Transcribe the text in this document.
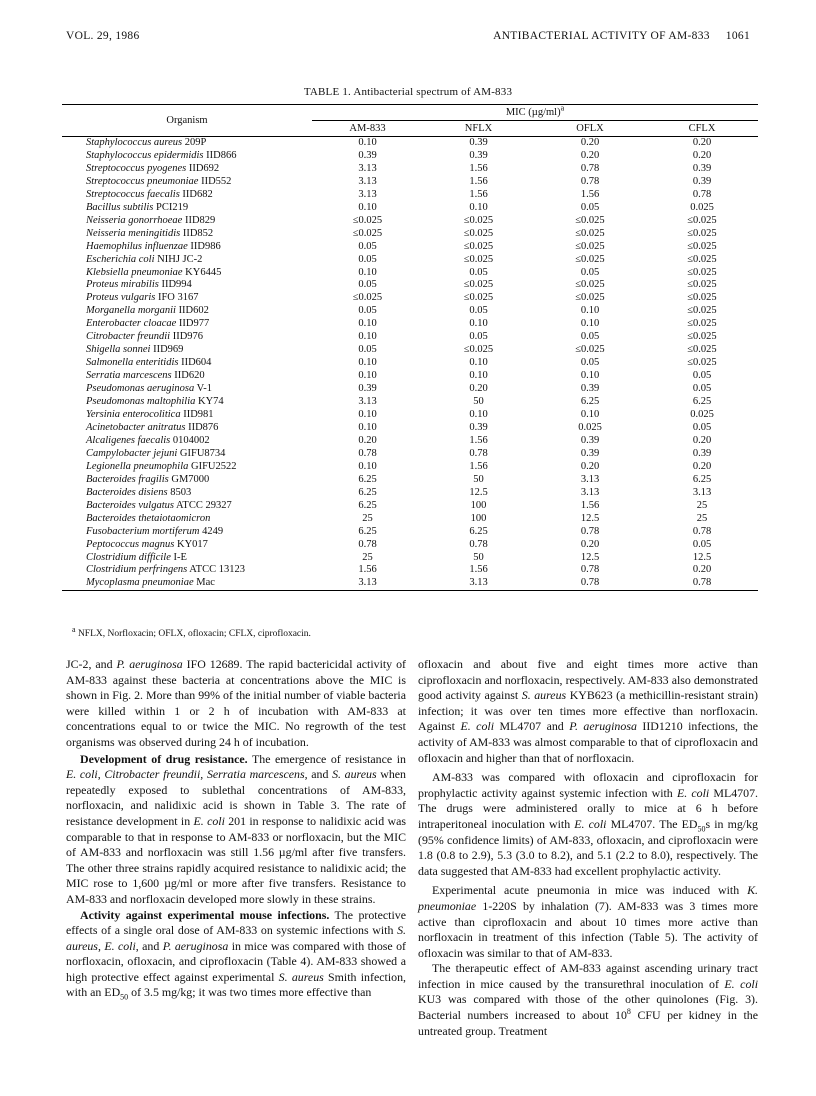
VOL. 29, 1986	ANTIBACTERIAL ACTIVITY OF AM-833 1061
TABLE 1. Antibacterial spectrum of AM-833
Organism	MIC $(\mu g/ml)^a$
	AM-833	NFLX	OFLX	CFLX
Staphylococcus aureus 209P	0.10	0.39	0.20	0.20
Staphylococcus epidermidis IID866	0.39	0.39	0.20	0.20
Streptococcus pyogenes IID692	3.13	1.56	0.78	0.39
Streptococcus pneumoniae IID552	3.13	1.56	0.78	0.39
Streptococcus faecalis IID682	3.13	1.56	1.56	0.78
Bacillus subtilis PCI219	0.10	0.10	0.05	0.025
Neisseria gonorrhoeae IID829	≤0.025	≤0.025	≤0.025	≤0.025
Neisseria meningitidis IID852	≤0.025	≤0.025	≤0.025	≤0.025
Haemophilus influenzae IID986	0.05	≤0.025	≤0.025	≤0.025
Escherichia coli NIHJ JC-2	0.05	≤0.025	≤0.025	≤0.025
Klebsiella pneumoniae KY6445	0.10	0.05	0.05	≤0.025
Proteus mirabilis IID994	0.05	≤0.025	≤0.025	≤0.025
Proteus vulgaris IFO 3167	≤0.025	≤0.025	≤0.025	≤0.025
Morganella morganii IID602	0.05	0.05	0.10	≤0.025
Enterobacter cloacae IID977	0.10	0.10	0.10	≤0.025
Citrobacter freundii IID976	0.10	0.05	0.05	≤0.025
Shigella sonnei IID969	0.05	≤0.025	≤0.025	≤0.025
Salmonella enteritidis IID604	0.10	0.10	0.05	≤0.025
Serratia marcescens IID620	0.10	0.10	0.10	0.05
Pseudomonas aeruginosa V-1	0.39	0.20	0.39	0.05
Pseudomonas maltophilia KY74	3.13	50	6.25	6.25
Yersinia enterocolitica IID981	0.10	0.10	0.10	0.025
Acinetobacter anitratus IID876	0.10	0.39	0.025	0.05
Alcaligenes faecalis 0104002	0.20	1.56	0.39	0.20
Campylobacter jejuni GIFU8734	0.78	0.78	0.39	0.39
Legionella pneumophila GIFU2522	0.10	1.56	0.20	0.20
Bacteroides fragilis GM7000	6.25	50	3.13	6.25
Bacteroides disiens 8503	6.25	12.5	3.13	3.13
Bacteroides vulgatus ATCC 29327	6.25	100	1.56	25
Bacteroides thetaiotaomicron	25	100	12.5	25
Fusobacterium mortiferum 4249	6.25	6.25	0.78	0.78
Peptococcus magnus KY017	0.78	0.78	0.20	0.05
Clostridium difficile I-E	25	50	12.5	12.5
Clostridium perfringens ATCC 13123	1.56	1.56	0.78	0.20
Mycoplasma pneumoniae Mac	3.13	3.13	0.78	0.78
$^a$ NFLX, Norfloxacin; OFLX, ofloxacin; CFLX, ciprofloxacin.

JC-2, and P. aeruginosa IFO 12689. The rapid bactericidal activity of AM-833 against these bacteria at concentrations above the MIC is shown in Fig. 2. More than 99% of the initial number of viable bacteria were killed within 1 or 2 h of incubation with AM-833 at concentrations equal to or twice the MIC. No regrowth of the test organisms was observed during 24 h of incubation.

Development of drug resistance. The emergence of resistance in E. coli, Citrobacter freundii, Serratia marcescens, and S. aureus when repeatedly exposed to sublethal concentrations of AM-833, norfloxacin, and nalidixic acid is shown in Table 3. The rate of resistance development in E. coli 201 in response to nalidixic acid was comparable to that in response to AM-833 or norfloxacin, but the MIC of AM-833 and norfloxacin was still 1.56 µg/ml after five transfers. The other three strains rapidly acquired resistance to nalidixic acid; the MIC rose to 1,600 µg/ml or more after five transfers. Resistance to AM-833 and norfloxacin developed more slowly in these strains.

Activity against experimental mouse infections. The protective effects of a single oral dose of AM-833 on systemic infections with S. aureus, E. coli, and P. aeruginosa in mice was compared with those of norfloxacin, ofloxacin, and ciprofloxacin (Table 4). AM-833 showed a high protective effect against experimental S. aureus Smith infection, with an $ED_{50}$ of 3.5 mg/kg; it was two times more effective than

ofloxacin and about five and eight times more active than ciprofloxacin and norfloxacin, respectively. AM-833 also demonstrated good activity against S. aureus KYB623 (a methicillin-resistant strain) infection; it was over ten times more effective than norfloxacin. Against E. coli ML4707 and P. aeruginosa IID1210 infections, the activity of AM-833 was almost comparable to that of ciprofloxacin and ofloxacin and higher than that of norfloxacin.

AM-833 was compared with ofloxacin and ciprofloxacin for prophylactic activity against systemic infection with E. coli ML4707. The drugs were administered orally to mice at 6 h before intraperitoneal inoculation with E. coli ML4707. The $ED_{50}s$ in mg/kg (95% confidence limits) of AM-833, ofloxacin, and ciprofloxacin were 1.8 (0.8 to 2.9), 5.3 (3.0 to 8.2), and 5.1 (2.2 to 8.0), respectively. The data suggested that AM-833 had excellent prophylactic activity.

Experimental acute pneumonia in mice was induced with K. pneumoniae 1-220S by inhalation (7). AM-833 was 3 times more active than ciprofloxacin and about 10 times more active than norfloxacin in treatment of this infection (Table 5). The activity of ofloxacin was similar to that of AM-833.

The therapeutic effect of AM-833 against ascending urinary tract infection in mice caused by the transurethral inoculation of E. coli KU3 was compared with those of the other quinolones (Fig. 3). Bacterial numbers increased to about $10^8$ CFU per kidney in the untreated group. Treatment
